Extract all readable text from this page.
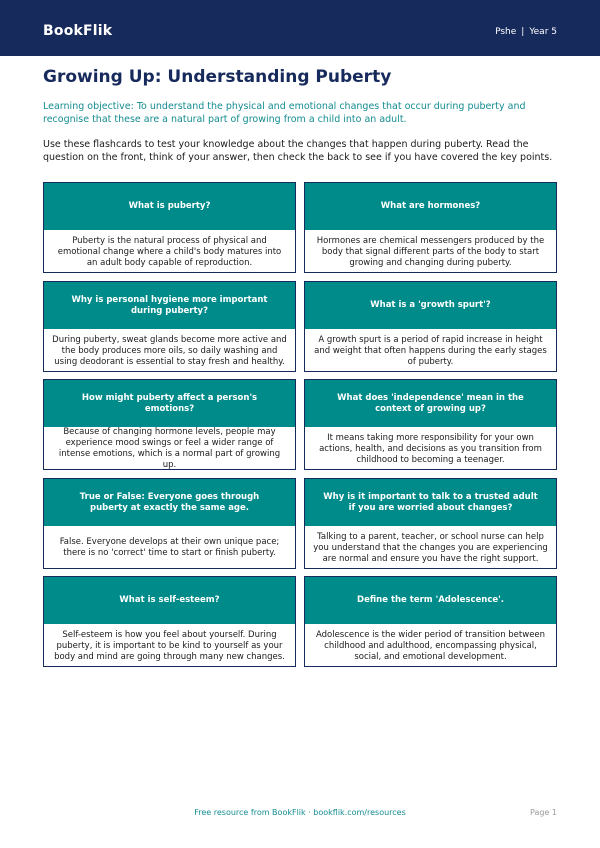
BookFlik	Pshe | Year 5
Growing Up: Understanding Puberty
Learning objective: To understand the physical and emotional changes that occur during puberty and recognise that these are a natural part of growing from a child into an adult.
Use these flashcards to test your knowledge about the changes that happen during puberty. Read the question on the front, think of your answer, then check the back to see if you have covered the key points.
What is puberty?
Puberty is the natural process of physical and emotional change where a child's body matures into an adult body capable of reproduction.
What are hormones?
Hormones are chemical messengers produced by the body that signal different parts of the body to start growing and changing during puberty.
Why is personal hygiene more important during puberty?
During puberty, sweat glands become more active and the body produces more oils, so daily washing and using deodorant is essential to stay fresh and healthy.
What is a 'growth spurt'?
A growth spurt is a period of rapid increase in height and weight that often happens during the early stages of puberty.
How might puberty affect a person's emotions?
Because of changing hormone levels, people may experience mood swings or feel a wider range of intense emotions, which is a normal part of growing up.
What does 'independence' mean in the context of growing up?
It means taking more responsibility for your own actions, health, and decisions as you transition from childhood to becoming a teenager.
True or False: Everyone goes through puberty at exactly the same age.
False. Everyone develops at their own unique pace; there is no 'correct' time to start or finish puberty.
Why is it important to talk to a trusted adult if you are worried about changes?
Talking to a parent, teacher, or school nurse can help you understand that the changes you are experiencing are normal and ensure you have the right support.
What is self-esteem?
Self-esteem is how you feel about yourself. During puberty, it is important to be kind to yourself as your body and mind are going through many new changes.
Define the term 'Adolescence'.
Adolescence is the wider period of transition between childhood and adulthood, encompassing physical, social, and emotional development.
Free resource from BookFlik · bookflik.com/resources	Page 1
